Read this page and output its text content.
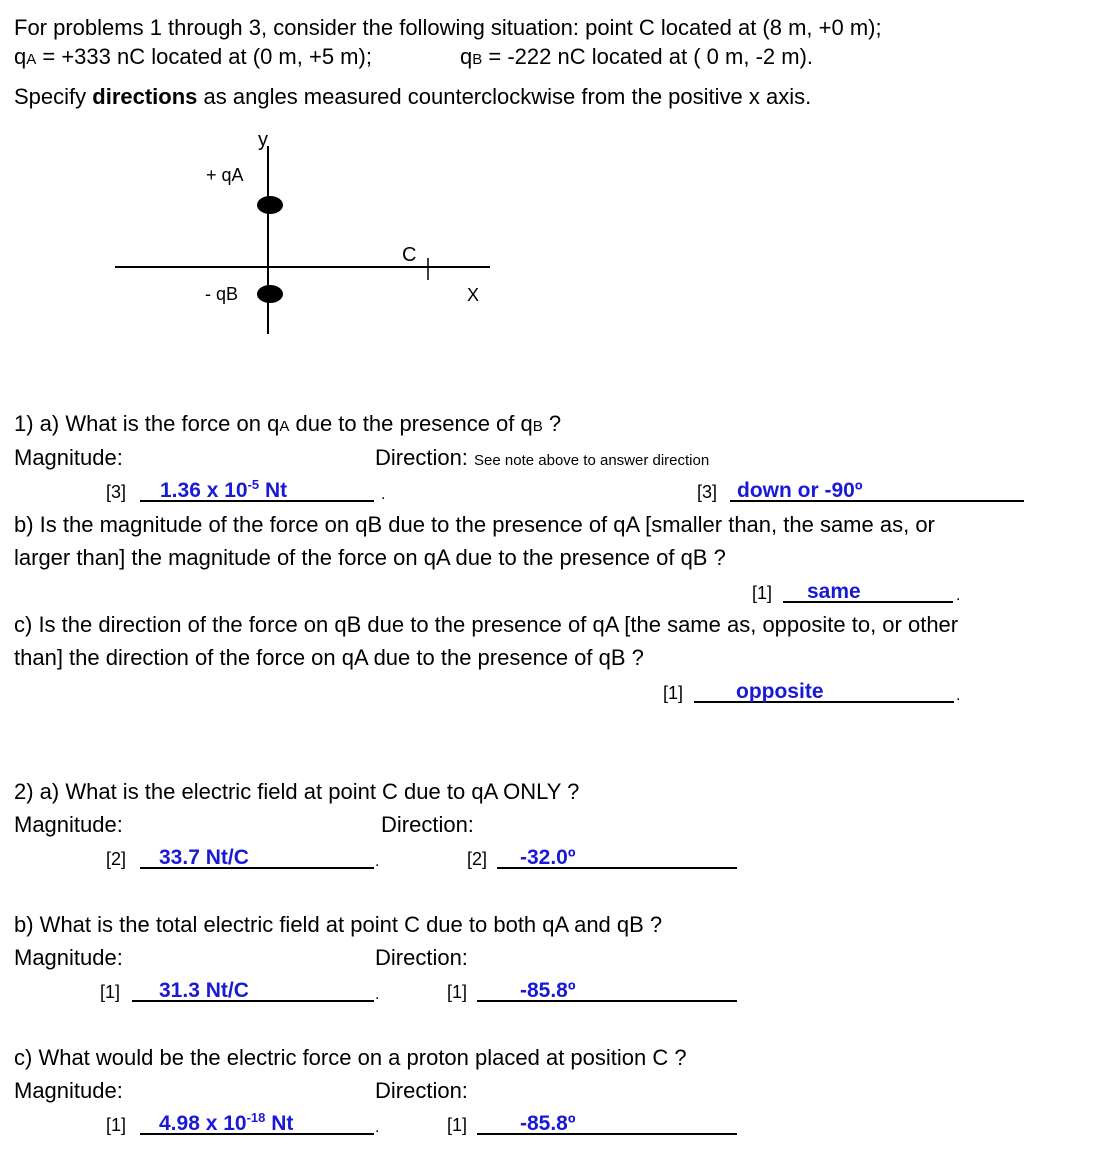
For problems 1 through 3, consider the following situation: point C located at (8 m, +0 m);
qA = +333 nC located at (0 m, +5 m);	qB = -222 nC located at ( 0 m, -2 m).
Specify directions as angles measured counterclockwise from the positive x axis.
y
X
C
+ qA
- qB
1) a) What is the force on qA due to the presence of qB ?
Magnitude:	Direction: See note above to answer direction
[3] 1.36 x $10^{-5}$ Nt	.	[3] down or -90º
b) Is the magnitude of the force on qB due to the presence of qA [smaller than, the same as, or
larger than] the magnitude of the force on qA due to the presence of qB ?
[1] same	.
c) Is the direction of the force on qB due to the presence of qA [the same as, opposite to, or other
than] the direction of the force on qA due to the presence of qB ?
[1]	opposite	.
2) a) What is the electric field at point C due to qA ONLY ?
Magnitude:	Direction:
[2] 33.7 Nt/C	.	[2] -32.0º
b) What is the total electric field at point C due to both qA and qB ?
Magnitude:	Direction:
[1] 31.3 Nt/C	.	[1]	-85.8º
c) What would be the electric force on a proton placed at position C ?
Magnitude:	Direction:
[1] 4.98 x $10^{-18}$ Nt	.	[1]	-85.8º
